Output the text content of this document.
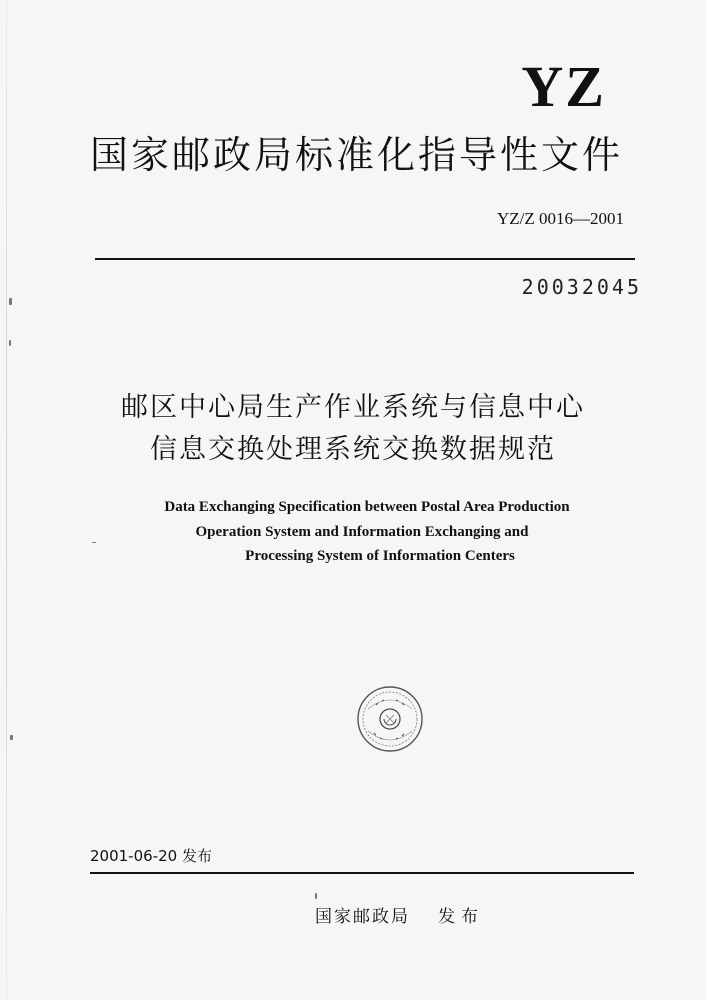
YZ
国家邮政局标准化指导性文件
YZ/Z 0016—2001
20032045
邮区中心局生产作业系统与信息中心
信息交换处理系统交换数据规范
Data Exchanging Specification between Postal Area Production
Operation System and Information Exchanging and
Processing System of Information Centers
2001-06-20 发布
国家邮政局 发布
